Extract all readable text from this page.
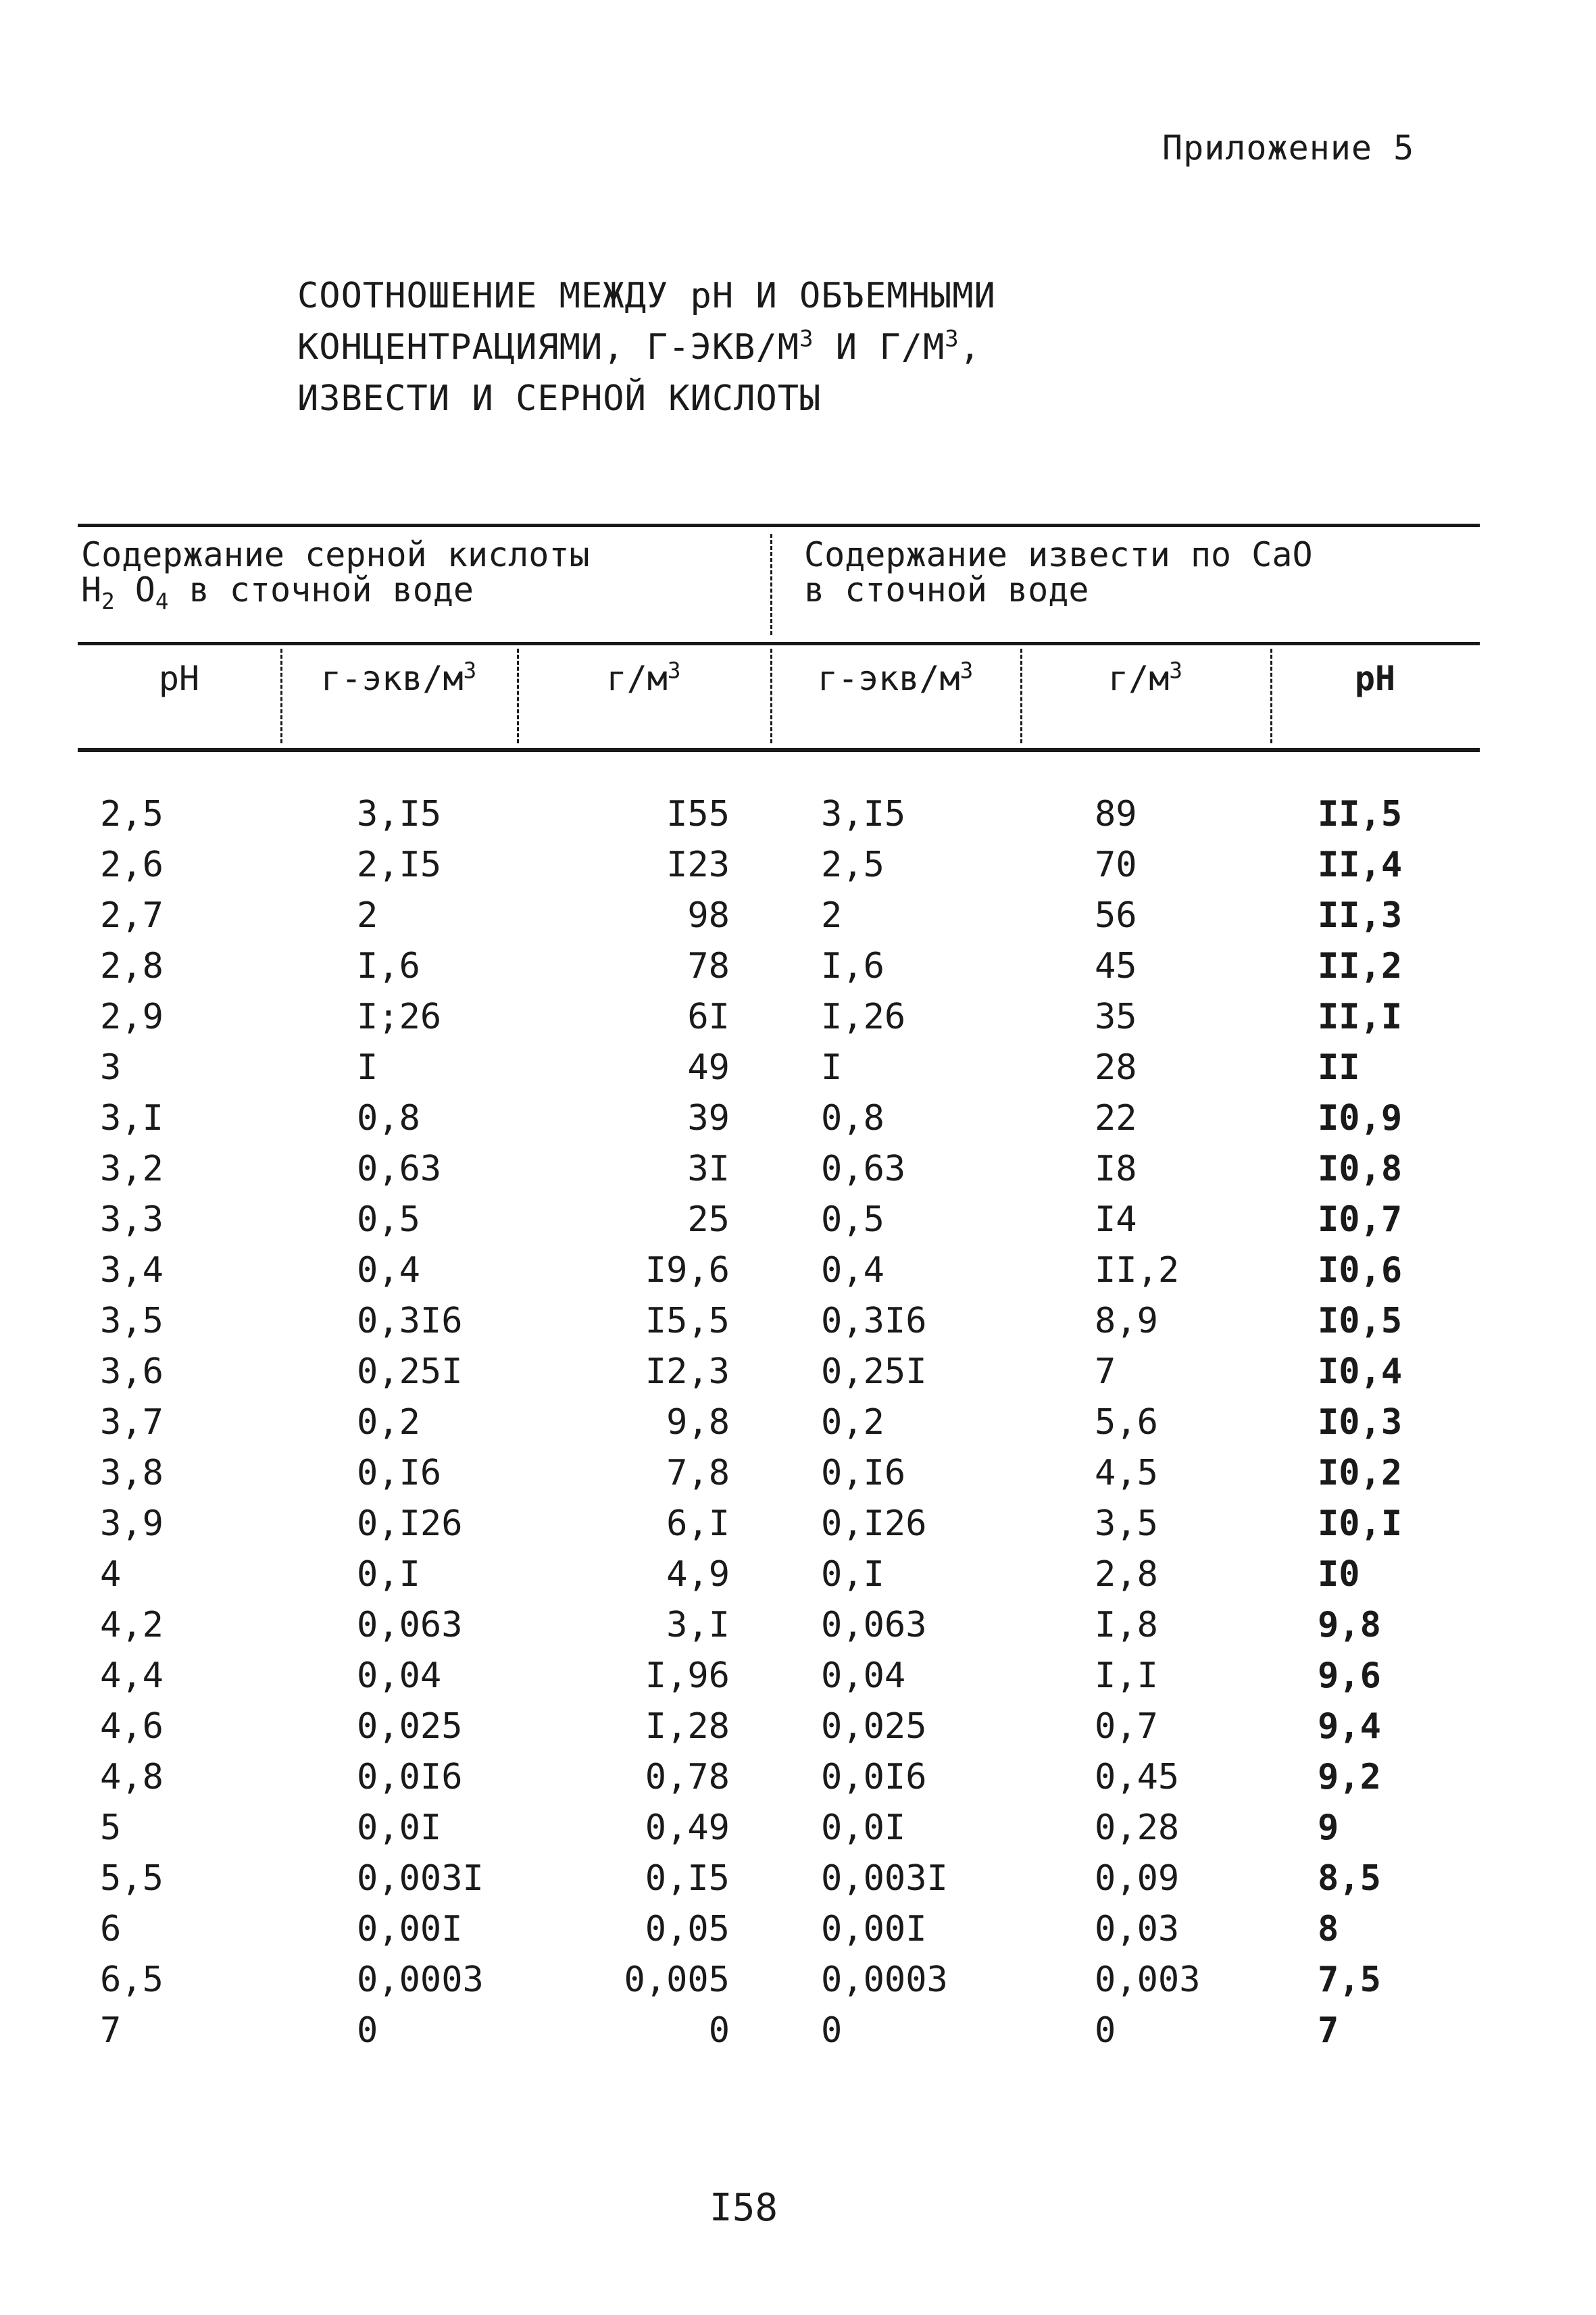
Приложение 5
СООТНОШЕНИЕ МЕЖДУ pH И ОБЪЕМНЫМИ
КОНЦЕНТРАЦИЯМИ, $Г-ЭКВ/М^3$ И $Г/М^3$,
ИЗВЕСТИ И СЕРНОЙ КИСЛОТЫ
Содержание серной кислоты
$H_2$ $O_4$ в сточной воде
Содержание извести по CaO
в сточной воде
pH	$г-экв/м^3$	$г/м^3$	$г-экв/м^3$	$г/м^3$	pH
2,5	3,I5	I55	3,I5	89	II,5
2,6	2,I5	I23	2,5	70	II,4
2,7	2	98	2	56	II,3
2,8	I,6	78	I,6	45	II,2
2,9	I;26	6I	I,26	35	II,I
3	I	49	I	28	II
3,I	0,8	39	0,8	22	I0,9
3,2	0,63	3I	0,63	I8	I0,8
3,3	0,5	25	0,5	I4	I0,7
3,4	0,4	I9,6	0,4	II,2	I0,6
3,5	0,3I6	I5,5	0,3I6	8,9	I0,5
3,6	0,25I	I2,3	0,25I	7	I0,4
3,7	0,2	9,8	0,2	5,6	I0,3
3,8	0,I6	7,8	0,I6	4,5	I0,2
3,9	0,I26	6,I	0,I26	3,5	I0,I
4	0,I	4,9	0,I	2,8	I0
4,2	0,063	3,I	0,063	I,8	9,8
4,4	0,04	I,96	0,04	I,I	9,6
4,6	0,025	I,28	0,025	0,7	9,4
4,8	0,0I6	0,78	0,0I6	0,45	9,2
5	0,0I	0,49	0,0I	0,28	9
5,5	0,003I	0,I5	0,003I	0,09	8,5
6	0,00I	0,05	0,00I	0,03	8
6,5	0,0003	0,005	0,0003	0,003	7,5
7	0	0	0	0	7
I58
